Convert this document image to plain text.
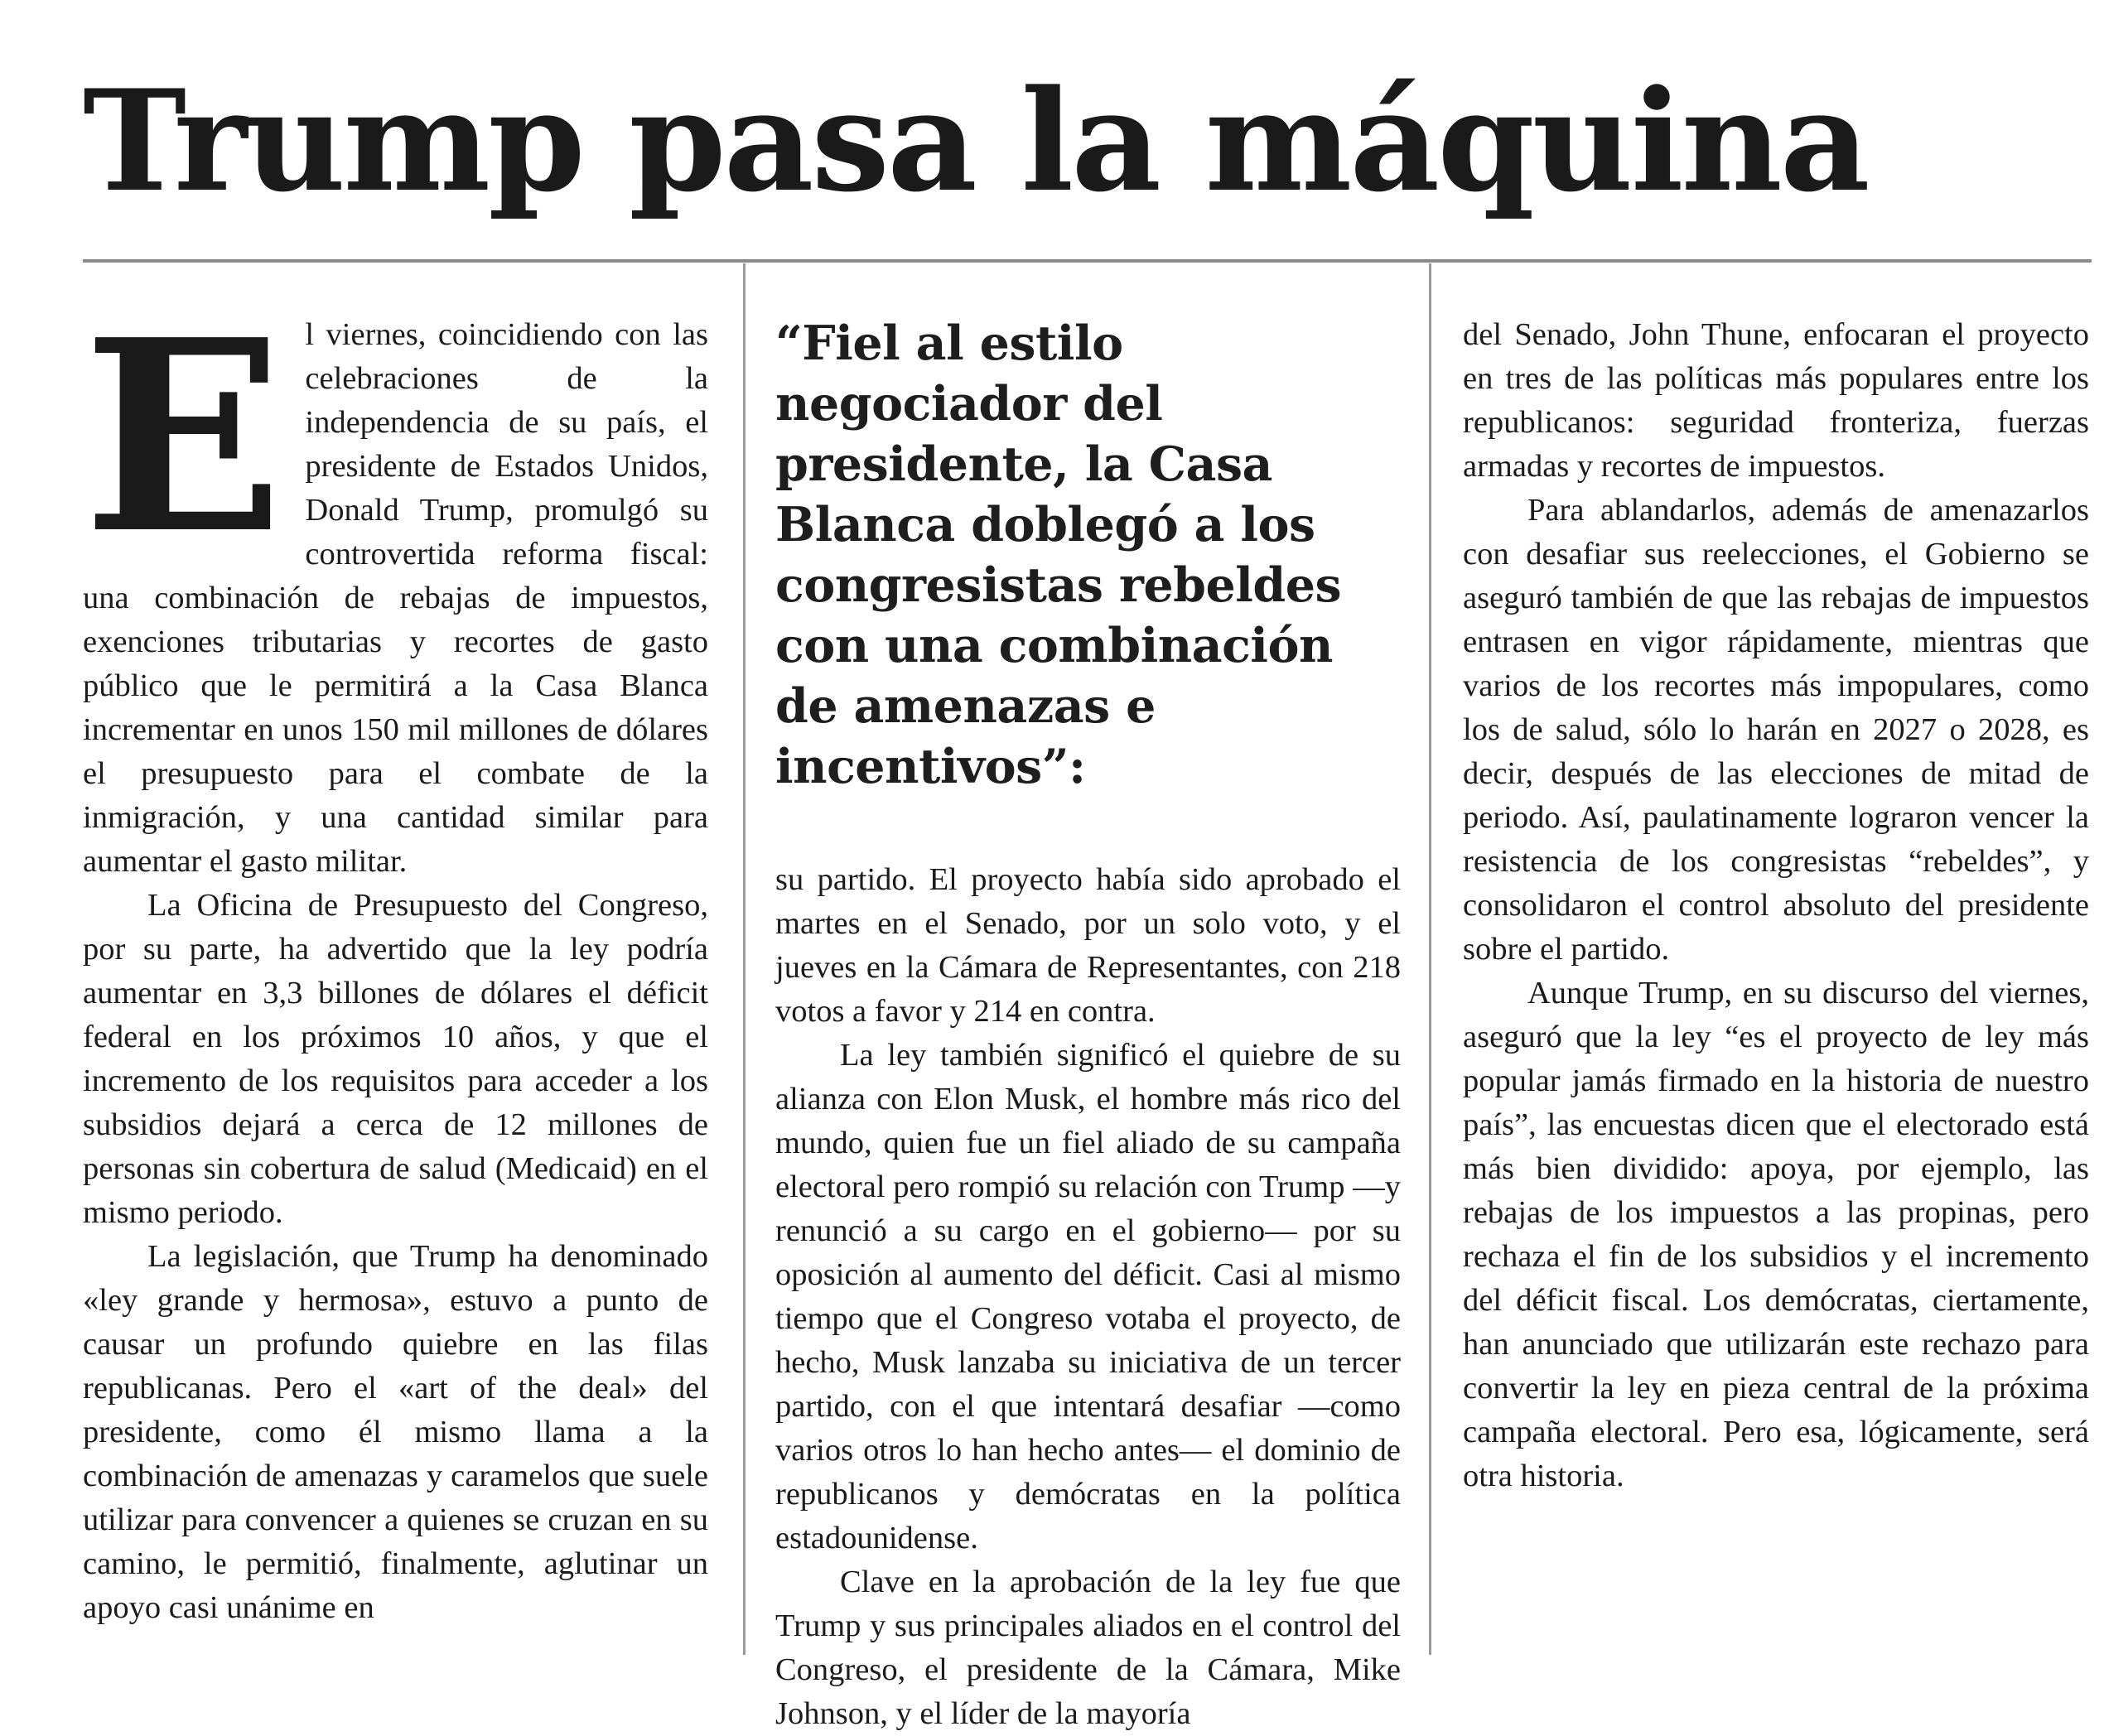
Trump pasa la máquina

E l viernes, coincidiendo con las celebraciones de la independencia de su país, el presidente de Estados Unidos, Donald Trump, promulgó su controvertida reforma fiscal: una combinación de rebajas de impuestos, exenciones tributarias y recortes de gasto público que le permitirá a la Casa Blanca incrementar en unos 150 mil millones de dólares el presupuesto para el combate de la inmigración, y una cantidad similar para aumentar el gasto militar.

La Oficina de Presupuesto del Congreso, por su parte, ha advertido que la ley podría aumentar en 3,3 billones de dólares el déficit federal en los próximos 10 años, y que el incremento de los requisitos para acceder a los subsidios dejará a cerca de 12 millones de personas sin cobertura de salud (Medicaid) en el mismo periodo.

La legislación, que Trump ha denominado «ley grande y hermosa», estuvo a punto de causar un profundo quiebre en las filas republicanas. Pero el «art of the deal» del presidente, como él mismo llama a la combinación de amenazas y caramelos que suele utilizar para convencer a quienes se cruzan en su camino, le permitió, finalmente, aglutinar un apoyo casi unánime en

“Fiel al estilo negociador del presidente, la Casa Blanca doblegó a los congresistas rebeldes con una combinación de amenazas e incentivos”:

su partido. El proyecto había sido aprobado el martes en el Senado, por un solo voto, y el jueves en la Cámara de Representantes, con 218 votos a favor y 214 en contra.

La ley también significó el quiebre de su alianza con Elon Musk, el hombre más rico del mundo, quien fue un fiel aliado de su campaña electoral pero rompió su relación con Trump —y renunció a su cargo en el gobierno— por su oposición al aumento del déficit. Casi al mismo tiempo que el Congreso votaba el proyecto, de hecho, Musk lanzaba su iniciativa de un tercer partido, con el que intentará desafiar —como varios otros lo han hecho antes— el dominio de republicanos y demócratas en la política estadounidense.

Clave en la aprobación de la ley fue que Trump y sus principales aliados en el control del Congreso, el presidente de la Cámara, Mike Johnson, y el líder de la mayoría

del Senado, John Thune, enfocaran el proyecto en tres de las políticas más populares entre los republicanos: seguridad fronteriza, fuerzas armadas y recortes de impuestos.

Para ablandarlos, además de amenazarlos con desafiar sus reelecciones, el Gobierno se aseguró también de que las rebajas de impuestos entrasen en vigor rápidamente, mientras que varios de los recortes más impopulares, como los de salud, sólo lo harán en 2027 o 2028, es decir, después de las elecciones de mitad de periodo. Así, paulatinamente lograron vencer la resistencia de los congresistas “rebeldes”, y consolidaron el control absoluto del presidente sobre el partido.

Aunque Trump, en su discurso del viernes, aseguró que la ley “es el proyecto de ley más popular jamás firmado en la historia de nuestro país”, las encuestas dicen que el electorado está más bien dividido: apoya, por ejemplo, las rebajas de los impuestos a las propinas, pero rechaza el fin de los subsidios y el incremento del déficit fiscal. Los demócratas, ciertamente, han anunciado que utilizarán este rechazo para convertir la ley en pieza central de la próxima campaña electoral. Pero esa, lógicamente, será otra historia.
